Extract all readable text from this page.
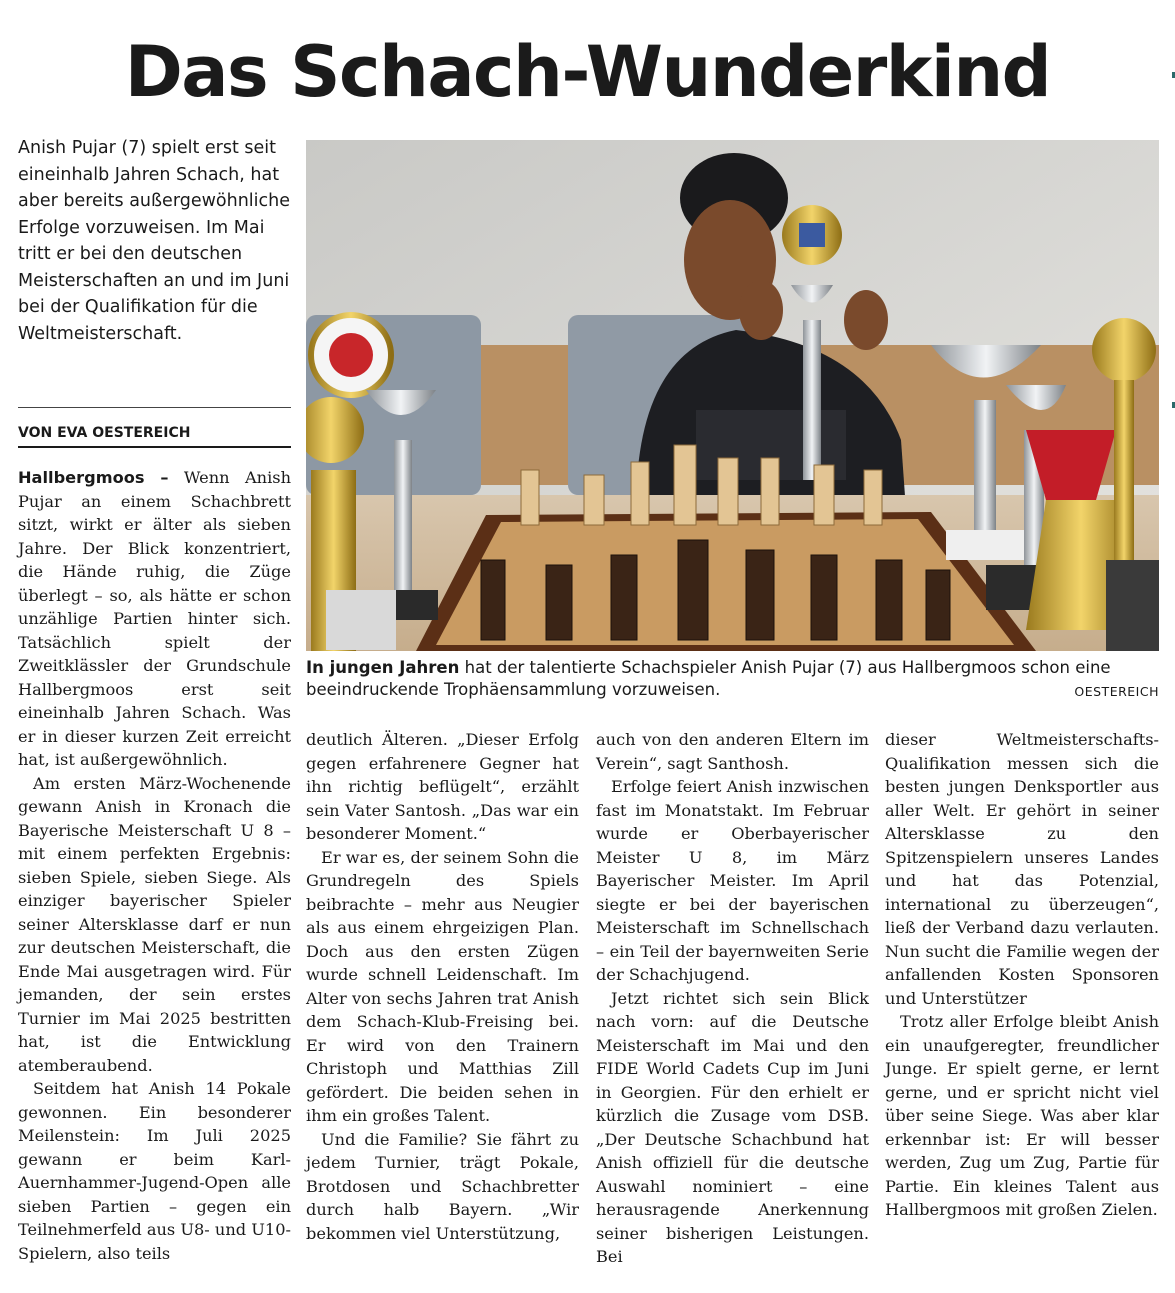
Das Schach-Wunderkind

Anish Pujar (7) spielt erst seit eineinhalb Jahren Schach, hat aber bereits außergewöhnliche Erfolge vorzuweisen. Im Mai tritt er bei den deutschen Meisterschaften an und im Juni bei der Qualifikation für die Weltmeisterschaft.

VON EVA OESTEREICH
In jungen Jahren hat der talentierte Schachspieler Anish Pujar (7) aus Hallbergmoos schon eine beeindruckende Trophäensammlung vorzuweisen.	OESTEREICH

Hallbergmoos – Wenn Anish Pujar an einem Schachbrett sitzt, wirkt er älter als sieben Jahre. Der Blick konzentriert, die Hände ruhig, die Züge überlegt – so, als hätte er schon unzählige Partien hinter sich. Tatsächlich spielt der Zweitklässler der Grundschule Hallbergmoos erst seit eineinhalb Jahren Schach. Was er in dieser kurzen Zeit erreicht hat, ist außergewöhnlich.

Am ersten März-Wochenende gewann Anish in Kronach die Bayerische Meisterschaft U 8 – mit einem perfekten Ergebnis: sieben Spiele, sieben Siege. Als einziger bayerischer Spieler seiner Altersklasse darf er nun zur deutschen Meisterschaft, die Ende Mai ausgetragen wird. Für jemanden, der sein erstes Turnier im Mai 2025 bestritten hat, ist die Entwicklung atemberaubend.

Seitdem hat Anish 14 Pokale gewonnen. Ein besonderer Meilenstein: Im Juli 2025 gewann er beim Karl-Auernhammer-Jugend-Open alle sieben Partien – gegen ein Teilnehmerfeld aus U8- und U10-Spielern, also teils

deutlich Älteren. „Dieser Erfolg gegen erfahrenere Gegner hat ihn richtig beflügelt“, erzählt sein Vater Santosh. „Das war ein besonderer Moment.“

Er war es, der seinem Sohn die Grundregeln des Spiels beibrachte – mehr aus Neugier als aus einem ehrgeizigen Plan. Doch aus den ersten Zügen wurde schnell Leidenschaft. Im Alter von sechs Jahren trat Anish dem Schach-Klub-Freising bei. Er wird von den Trainern Christoph und Matthias Zill gefördert. Die beiden sehen in ihm ein großes Talent.

Und die Familie? Sie fährt zu jedem Turnier, trägt Pokale, Brotdosen und Schachbretter durch halb Bayern. „Wir bekommen viel Unterstützung,

auch von den anderen Eltern im Verein“, sagt Santhosh.

Erfolge feiert Anish inzwischen fast im Monatstakt. Im Februar wurde er Oberbayerischer Meister U 8, im März Bayerischer Meister. Im April siegte er bei der bayerischen Meisterschaft im Schnellschach – ein Teil der bayernweiten Serie der Schachjugend.

Jetzt richtet sich sein Blick nach vorn: auf die Deutsche Meisterschaft im Mai und den FIDE World Cadets Cup im Juni in Georgien. Für den erhielt er kürzlich die Zusage vom DSB. „Der Deutsche Schachbund hat Anish offiziell für die deutsche Auswahl nominiert – eine herausragende Anerkennung seiner bisherigen Leistungen. Bei

dieser Weltmeisterschafts-Qualifikation messen sich die besten jungen Denksportler aus aller Welt. Er gehört in seiner Altersklasse zu den Spitzenspielern unseres Landes und hat das Potenzial, international zu überzeugen“, ließ der Verband dazu verlauten. Nun sucht die Familie wegen der anfallenden Kosten Sponsoren und Unterstützer

Trotz aller Erfolge bleibt Anish ein unaufgeregter, freundlicher Junge. Er spielt gerne, er lernt gerne, und er spricht nicht viel über seine Siege. Was aber klar erkennbar ist: Er will besser werden, Zug um Zug, Partie für Partie. Ein kleines Talent aus Hallbergmoos mit großen Zielen.
